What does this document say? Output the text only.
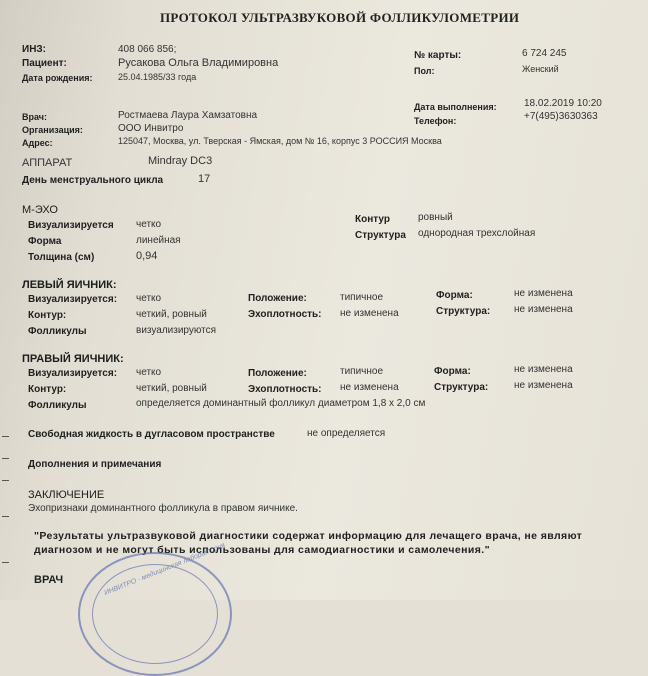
ПРОТОКОЛ УЛЬТРАЗВУКОВОЙ ФОЛЛИКУЛОМЕТРИИ
ИНЗ:	408 066 856;
Пациент:	Русакова Ольга Владимировна
Дата рождения:	25.04.1985/33 года
№ карты:	6 724 245
Пол:	Женский
Врач:	Ростмаева Лаура Хамзатовна
Организация:	ООО Инвитро
Адрес:	125047, Москва, ул. Тверская - Ямская, дом № 16, корпус 3 РОССИЯ Москва
Дата выполнения:	18.02.2019 10:20
Телефон:	+7(495)3630363
АППАРАТ	Mindray DC3
День менструального цикла	17
М-ЭХО
Визуализируется четко
Форма	линейная
Толщина (см)	0,94
Контур	ровный
Структура однородная трехслойная
ЛЕВЫЙ ЯИЧНИК:
Визуализируется: четко
Контур:	четкий, ровный
Фолликулы	визуализируются
Положение:	типичное
Эхоплотность: не изменена
Форма:	не изменена
Структура: не изменена
ПРАВЫЙ ЯИЧНИК:
Визуализируется: четко
Контур:	четкий, ровный
Фолликулы	определяется доминантный фолликул диаметром 1,8 х 2,0 см
Положение:	типичное
Эхоплотность: не изменена
Форма:	не изменена
Структура:	не изменена
Свободная жидкость в дугласовом пространстве	не определяется
Дополнения и примечания
ЗАКЛЮЧЕНИЕ
Эхопризнаки доминантного фолликула в правом яичнике.
"Результаты ультразвуковой диагностики содержат информацию для лечащего врача, не являют
диагнозом и не могут быть использованы для самодиагностики и самолечения."
ВРАЧ	ИНВИТРО · медицинская лаборатория
